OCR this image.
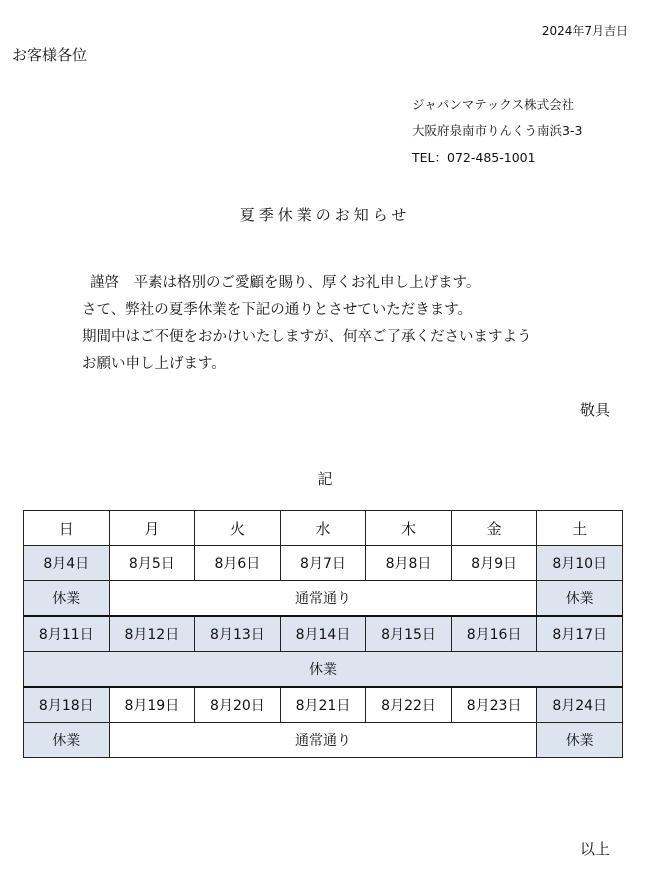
2024年7月吉日
お客様各位
ジャパンマテックス株式会社
大阪府泉南市りんくう南浜3-3
TEL：072-485-1001
夏季休業のお知らせ
謹啓　平素は格別のご愛顧を賜り、厚くお礼申し上げます。
さて、弊社の夏季休業を下記の通りとさせていただきます。
期間中はご不便をおかけいたしますが、何卒ご了承くださいますよう
お願い申し上げます。
敬具
記
日	月	火	水	木	金	土
8月4日	8月5日	8月6日	8月7日	8月8日	8月9日	8月10日
休業	通常通り					休業
8月11日	8月12日	8月13日	8月14日	8月15日	8月16日	8月17日
休業						
8月18日	8月19日	8月20日	8月21日	8月22日	8月23日	8月24日
休業	通常通り					休業
以上
